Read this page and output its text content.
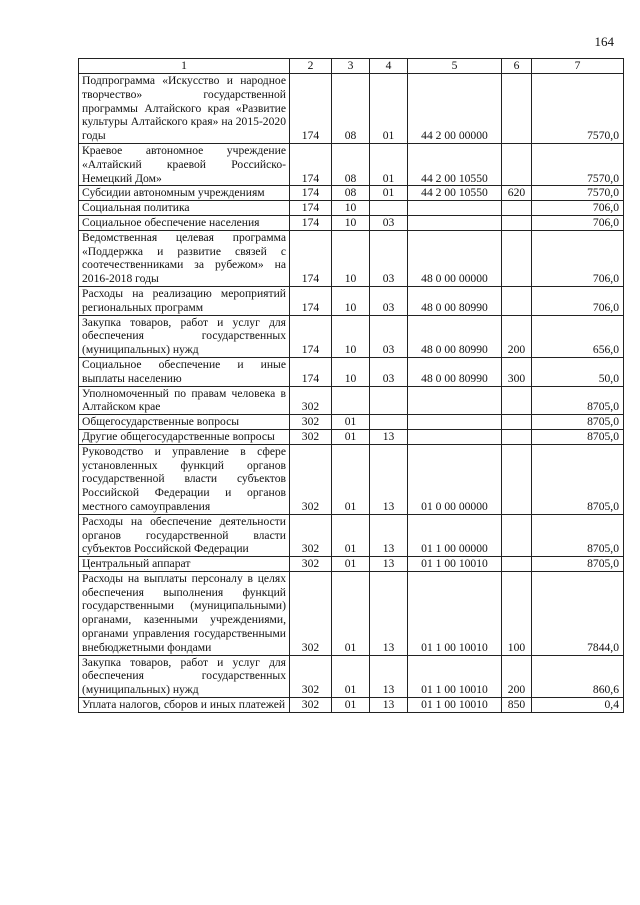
164
1	2	3	4	5	6	7
Подпрограмма «Искусство и народное творчество» государственной программы Алтайского края «Развитие культуры Алтайского края» на 2015-2020 годы	174	08	01	44 2 00 00000		7570,0
Краевое автономное учреждение «Алтайский краевой Российско-Немецкий Дом»	174	08	01	44 2 00 10550		7570,0
Субсидии автономным учреждениям	174	08	01	44 2 00 10550	620	7570,0
Социальная политика	174	10				706,0
Социальное обеспечение населения	174	10	03			706,0
Ведомственная целевая программа «Поддержка и развитие связей с соотечественниками за рубежом» на 2016-2018 годы	174	10	03	48 0 00 00000		706,0
Расходы на реализацию мероприятий региональных программ	174	10	03	48 0 00 80990		706,0
Закупка товаров, работ и услуг для обеспечения государственных (муниципальных) нужд	174	10	03	48 0 00 80990	200	656,0
Социальное обеспечение и иные выплаты населению	174	10	03	48 0 00 80990	300	50,0
Уполномоченный по правам человека в Алтайском крае	302					8705,0
Общегосударственные вопросы	302	01				8705,0
Другие общегосударственные вопросы	302	01	13			8705,0
Руководство и управление в сфере установленных функций органов государственной власти субъектов Российской Федерации и органов местного самоуправления	302	01	13	01 0 00 00000		8705,0
Расходы на обеспечение деятельности органов государственной власти субъектов Российской Федерации	302	01	13	01 1 00 00000		8705,0
Центральный аппарат	302	01	13	01 1 00 10010		8705,0
Расходы на выплаты персоналу в целях обеспечения выполнения функций государственными (муниципальными) органами, казенными учреждениями, органами управления государственными внебюджетными фондами	302	01	13	01 1 00 10010	100	7844,0
Закупка товаров, работ и услуг для обеспечения государственных (муниципальных) нужд	302	01	13	01 1 00 10010	200	860,6
Уплата налогов, сборов и иных платежей	302	01	13	01 1 00 10010	850	0,4
